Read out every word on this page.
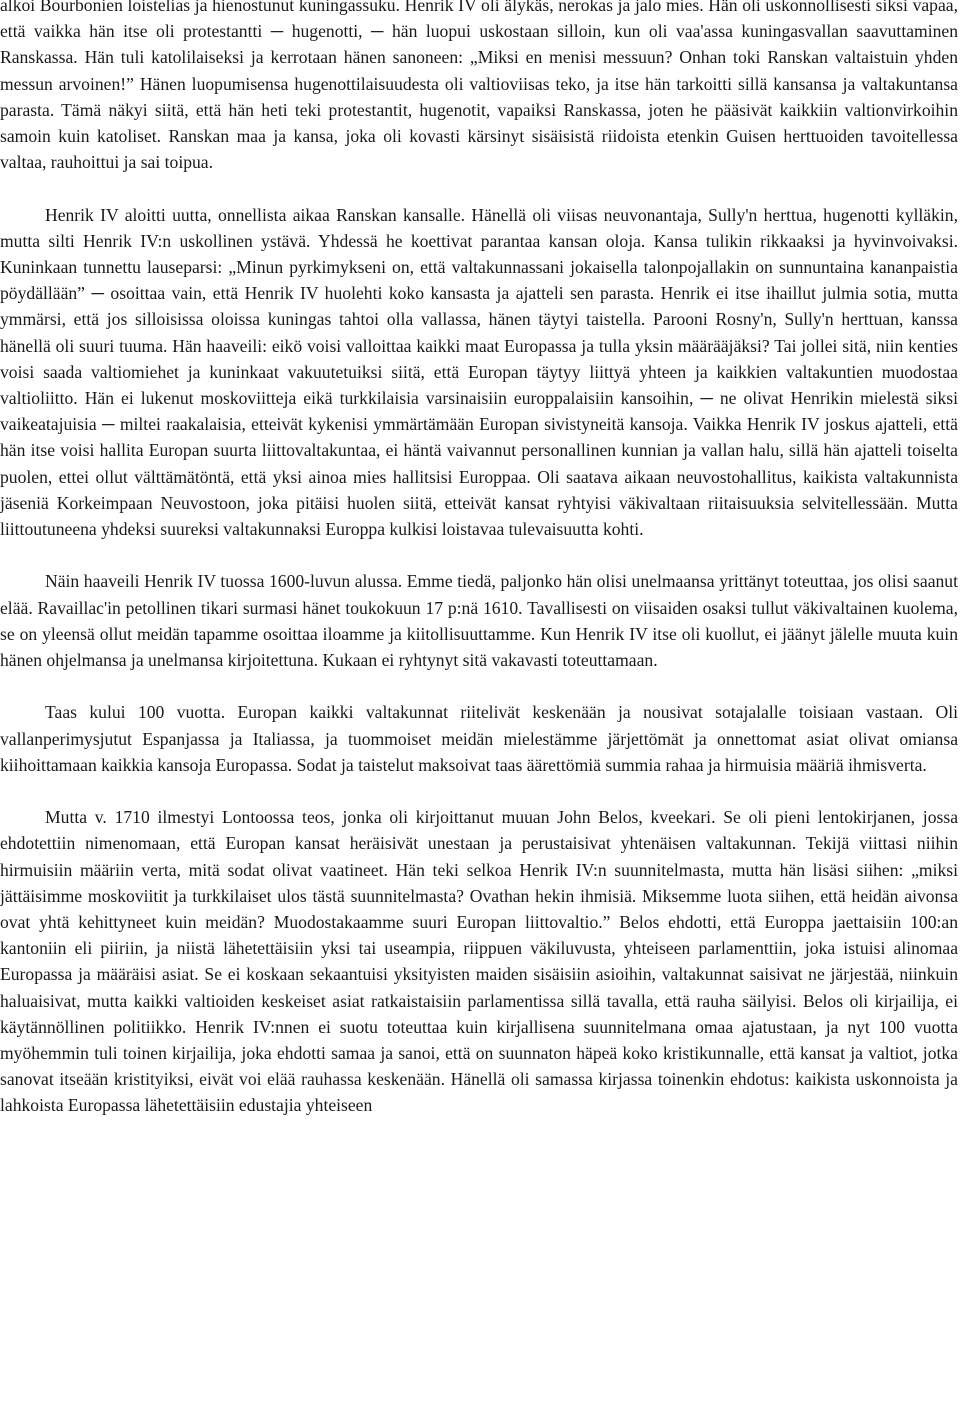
alkoi Bourbonien loistelias ja hienostunut kuningassuku. Henrik IV oli älykäs, nerokas ja jalo mies. Hän oli uskonnollisesti siksi vapaa, että vaikka hän itse oli protestantti ─ hugenotti, ─ hän luopui uskostaan silloin, kun oli vaa'assa kuningasvallan saavuttaminen Ranskassa. Hän tuli katolilaiseksi ja kerrotaan hänen sanoneen: „Miksi en menisi messuun? Onhan toki Ranskan valtaistuin yhden messun arvoinen!” Hänen luopumisensa hugenottilaisuudesta oli valtioviisas teko, ja itse hän tarkoitti sillä kansansa ja valtakuntansa parasta. Tämä näkyi siitä, että hän heti teki protestantit, hugenotit, vapaiksi Ranskassa, joten he pääsivät kaikkiin valtionvirkoihin samoin kuin katoliset. Ranskan maa ja kansa, joka oli kovasti kärsinyt sisäisistä riidoista etenkin Guisen herttuoiden tavoitellessa valtaa, rauhoittui ja sai toipua.

Henrik IV aloitti uutta, onnellista aikaa Ranskan kansalle. Hänellä oli viisas neuvonantaja, Sully'n herttua, hugenotti kylläkin, mutta silti Henrik IV:n uskollinen ystävä. Yhdessä he koettivat parantaa kansan oloja. Kansa tulikin rikkaaksi ja hyvinvoivaksi. Kuninkaan tunnettu lauseparsi: „Minun pyrkimykseni on, että valtakunnassani jokaisella talonpojallakin on sunnuntaina kananpaistia pöydällään” ─ osoittaa vain, että Henrik IV huolehti koko kansasta ja ajatteli sen parasta. Henrik ei itse ihaillut julmia sotia, mutta ymmärsi, että jos silloisissa oloissa kuningas tahtoi olla vallassa, hänen täytyi taistella. Parooni Rosny'n, Sully'n herttuan, kanssa hänellä oli suuri tuuma. Hän haaveili: eikö voisi valloittaa kaikki maat Europassa ja tulla yksin määrääjäksi? Tai jollei sitä, niin kenties voisi saada valtiomiehet ja kuninkaat vakuutetuiksi siitä, että Europan täytyy liittyä yhteen ja kaikkien valtakuntien muodostaa valtioliitto. Hän ei lukenut moskoviitteja eikä turkkilaisia varsinaisiin europpalaisiin kansoihin, ─ ne olivat Henrikin mielestä siksi vaikeatajuisia ─ miltei raakalaisia, etteivät kykenisi ymmärtämään Europan sivistyneitä kansoja. Vaikka Henrik IV joskus ajatteli, että hän itse voisi hallita Europan suurta liittovaltakuntaa, ei häntä vaivannut personallinen kunnian ja vallan halu, sillä hän ajatteli toiselta puolen, ettei ollut välttämätöntä, että yksi ainoa mies hallitsisi Europpaa. Oli saatava aikaan neuvostohallitus, kaikista valtakunnista jäseniä Korkeimpaan Neuvostoon, joka pitäisi huolen siitä, etteivät kansat ryhtyisi väkivaltaan riitaisuuksia selvitellessään. Mutta liittoutuneena yhdeksi suureksi valtakunnaksi Europpa kulkisi loistavaa tulevaisuutta kohti.

Näin haaveili Henrik IV tuossa 1600-luvun alussa. Emme tiedä, paljonko hän olisi unelmaansa yrittänyt toteuttaa, jos olisi saanut elää. Ravaillac'in petollinen tikari surmasi hänet toukokuun 17 p:nä 1610. Tavallisesti on viisaiden osaksi tullut väkivaltainen kuolema, se on yleensä ollut meidän tapamme osoittaa iloamme ja kiitollisuuttamme. Kun Henrik IV itse oli kuollut, ei jäänyt jälelle muuta kuin hänen ohjelmansa ja unelmansa kirjoitettuna. Kukaan ei ryhtynyt sitä vakavasti toteuttamaan.

Taas kului 100 vuotta. Europan kaikki valtakunnat riitelivät keskenään ja nousivat sotajalalle toisiaan vastaan. Oli vallanperimysjutut Espanjassa ja Italiassa, ja tuommoiset meidän mielestämme järjettömät ja onnettomat asiat olivat omiansa kiihoittamaan kaikkia kansoja Europassa. Sodat ja taistelut maksoivat taas äärettömiä summia rahaa ja hirmuisia määriä ihmisverta.

Mutta v. 1710 ilmestyi Lontoossa teos, jonka oli kirjoittanut muuan John Belos, kveekari. Se oli pieni lentokirjanen, jossa ehdotettiin nimenomaan, että Europan kansat heräisivät unestaan ja perustaisivat yhtenäisen valtakunnan. Tekijä viittasi niihin hirmuisiin määriin verta, mitä sodat olivat vaatineet. Hän teki selkoa Henrik IV:n suunnitelmasta, mutta hän lisäsi siihen: „miksi jättäisimme moskoviitit ja turkkilaiset ulos tästä suunnitelmasta? Ovathan hekin ihmisiä. Miksemme luota siihen, että heidän aivonsa ovat yhtä kehittyneet kuin meidän? Muodostakaamme suuri Europan liittovaltio.” Belos ehdotti, että Europpa jaettaisiin 100:an kantoniin eli piiriin, ja niistä lähetettäisiin yksi tai useampia, riippuen väkiluvusta, yhteiseen parlamenttiin, joka istuisi alinomaa Europassa ja määräisi asiat. Se ei koskaan sekaantuisi yksityisten maiden sisäisiin asioihin, valtakunnat saisivat ne järjestää, niinkuin haluaisivat, mutta kaikki valtioiden keskeiset asiat ratkaistaisiin parlamentissa sillä tavalla, että rauha säilyisi. Belos oli kirjailija, ei käytännöllinen politiikko. Henrik IV:nnen ei suotu toteuttaa kuin kirjallisena suunnitelmana omaa ajatustaan, ja nyt 100 vuotta myöhemmin tuli toinen kirjailija, joka ehdotti samaa ja sanoi, että on suunnaton häpeä koko kristikunnalle, että kansat ja valtiot, jotka sanovat itseään kristityiksi, eivät voi elää rauhassa keskenään. Hänellä oli samassa kirjassa toinenkin ehdotus: kaikista uskonnoista ja lahkoista Europassa lähetettäisiin edustajia yhteiseen
